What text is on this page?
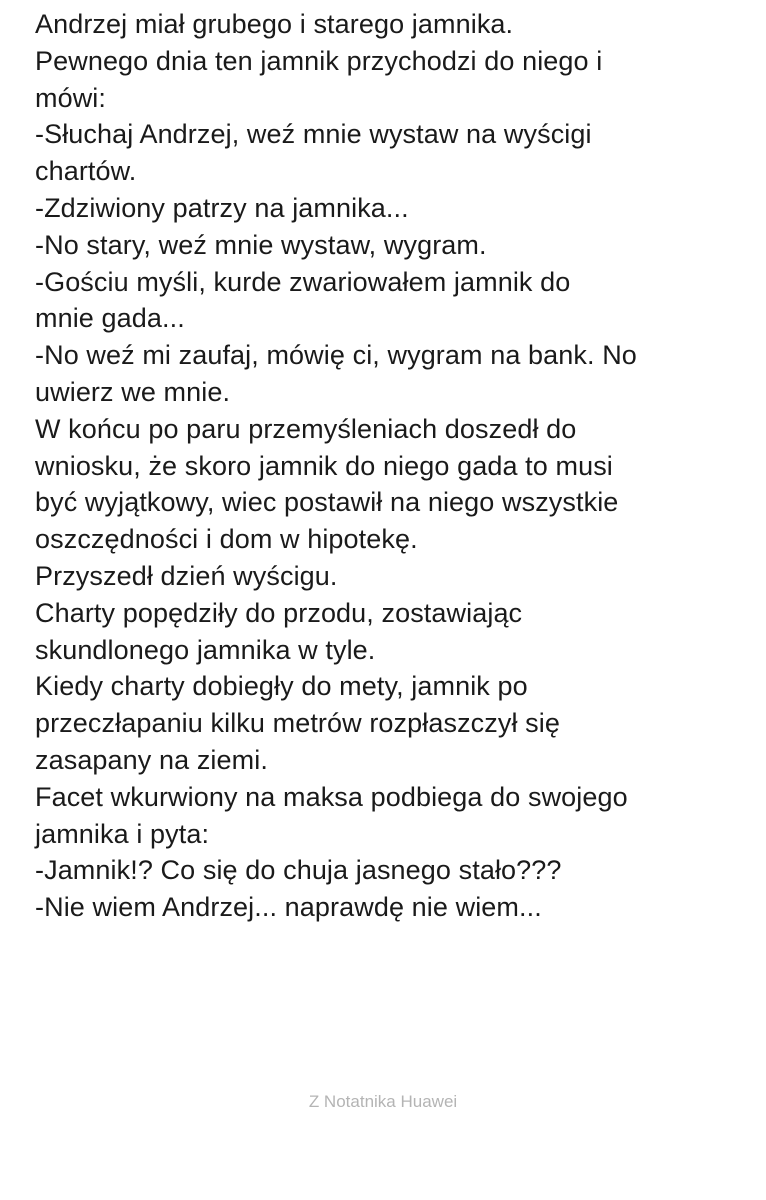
Andrzej miał grubego i starego jamnika.
Pewnego dnia ten jamnik przychodzi do niego i
mówi:
-Słuchaj Andrzej, weź mnie wystaw na wyścigi
chartów.
-Zdziwiony patrzy na jamnika...
-No stary, weź mnie wystaw, wygram.
-Gościu myśli, kurde zwariowałem jamnik do
mnie gada...
-No weź mi zaufaj, mówię ci, wygram na bank. No
uwierz we mnie.
W końcu po paru przemyśleniach doszedł do
wniosku, że skoro jamnik do niego gada to musi
być wyjątkowy, wiec postawił na niego wszystkie
oszczędności i dom w hipotekę.
Przyszedł dzień wyścigu.
Charty popędziły do przodu, zostawiając
skundlonego jamnika w tyle.
Kiedy charty dobiegły do mety, jamnik po
przeczłapaniu kilku metrów rozpłaszczył się
zasapany na ziemi.
Facet wkurwiony na maksa podbiega do swojego
jamnika i pyta:
-Jamnik!? Co się do chuja jasnego stało???
-Nie wiem Andrzej... naprawdę nie wiem...
Z Notatnika Huawei
